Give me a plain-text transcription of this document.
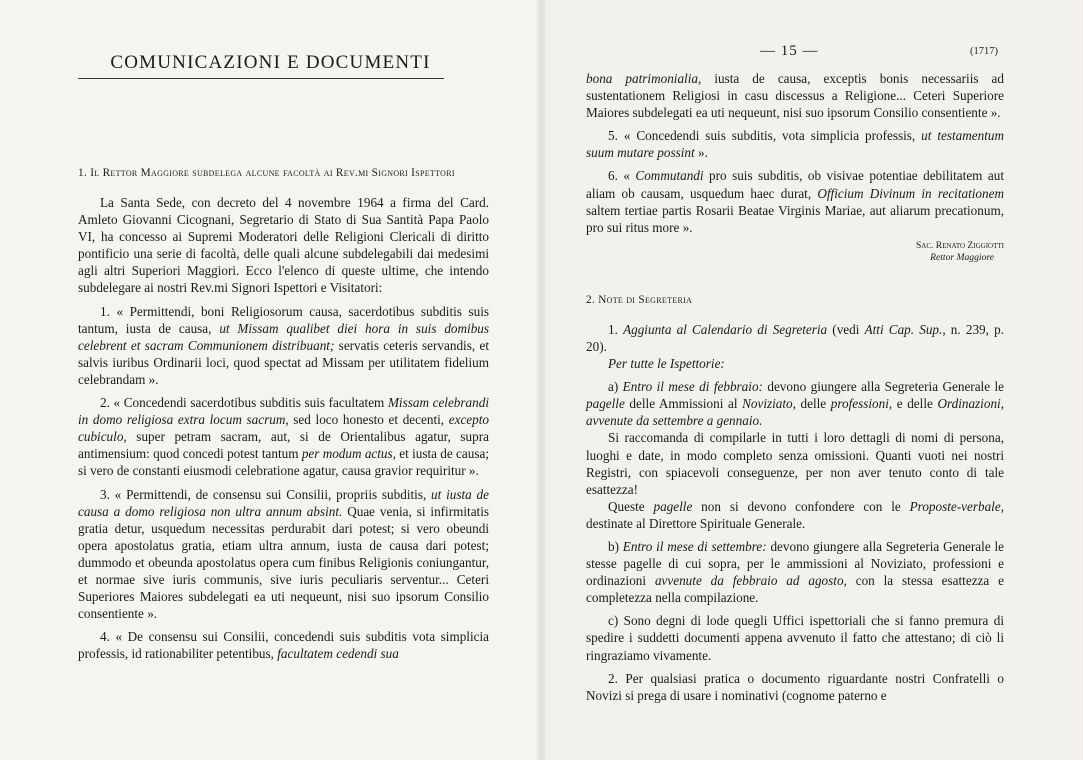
COMUNICAZIONI E DOCUMENTI
1. Il Rettor Maggiore subdelega alcune facoltà ai Rev.mi Signori Ispettori

La Santa Sede, con decreto del 4 novembre 1964 a firma del Card. Amleto Giovanni Cicognani, Segretario di Stato di Sua Santità Papa Paolo VI, ha concesso ai Supremi Moderatori delle Religioni Clericali di diritto pontificio una serie di facoltà, delle quali alcune subdelegabili dai medesimi agli altri Superiori Maggiori. Ecco l'elenco di queste ultime, che intendo subdelegare ai nostri Rev.mi Signori Ispettori e Visitatori:

1. « Permittendi, boni Religiosorum causa, sacerdotibus subditis suis tantum, iusta de causa, ut Missam qualibet diei hora in suis domibus celebrent et sacram Communionem distribuant; servatis ceteris servandis, et salvis iuribus Ordinarii loci, quod spectat ad Missam per utilitatem fidelium celebrandam ».

2. « Concedendi sacerdotibus subditis suis facultatem Missam celebrandi in domo religiosa extra locum sacrum, sed loco honesto et decenti, excepto cubiculo, super petram sacram, aut, si de Orientalibus agatur, supra antimensium: quod concedi potest tantum per modum actus, et iusta de causa; si vero de constanti eiusmodi celebratione agatur, causa gravior requiritur ».

3. « Permittendi, de consensu sui Consilii, propriis subditis, ut iusta de causa a domo religiosa non ultra annum absint. Quae venia, si infirmitatis gratia detur, usquedum necessitas perdurabit dari potest; si vero obeundi opera apostolatus gratia, etiam ultra annum, iusta de causa dari potest; dummodo et obeunda apostolatus opera cum finibus Religionis coniungantur, et normae sive iuris communis, sive iuris peculiaris serventur... Ceteri Superiores Maiores subdelegati ea uti nequeunt, nisi suo ipsorum Consilio consentiente ».

4. « De consensu sui Consilii, concedendi suis subditis vota simplicia professis, id rationabiliter petentibus, facultatem cedendi sua

— 15 —	(1717)

bona patrimonialia, iusta de causa, exceptis bonis necessariis ad sustentationem Religiosi in casu discessus a Religione... Ceteri Superiore Maiores subdelegati ea uti nequeunt, nisi suo ipsorum Consilio consentiente ».

5. « Concedendi suis subditis, vota simplicia professis, ut testamentum suum mutare possint ».

6. « Commutandi pro suis subditis, ob visivae potentiae debilitatem aut aliam ob causam, usquedum haec durat, Officium Divinum in recitationem saltem tertiae partis Rosarii Beatae Virginis Mariae, aut aliarum precationum, pro sui ritus more ».

Sac. Renato Ziggiotti
Rettor Maggiore
2. Note di Segreteria

1. Aggiunta al Calendario di Segreteria (vedi Atti Cap. Sup., n. 239, p. 20).

Per tutte le Ispettorie:

a) Entro il mese di febbraio: devono giungere alla Segreteria Generale le pagelle delle Ammissioni al Noviziato, delle professioni, e delle Ordinazioni, avvenute da settembre a gennaio.

Si raccomanda di compilarle in tutti i loro dettagli di nomi di persona, luoghi e date, in modo completo senza omissioni. Quanti vuoti nei nostri Registri, con spiacevoli conseguenze, per non aver tenuto conto di tale esattezza!

Queste pagelle non si devono confondere con le Proposte-verbale, destinate al Direttore Spirituale Generale.

b) Entro il mese di settembre: devono giungere alla Segreteria Generale le stesse pagelle di cui sopra, per le ammissioni al Noviziato, professioni e ordinazioni avvenute da febbraio ad agosto, con la stessa esattezza e completezza nella compilazione.

c) Sono degni di lode quegli Uffici ispettoriali che si fanno premura di spedire i suddetti documenti appena avvenuto il fatto che attestano; di ciò li ringraziamo vivamente.

2. Per qualsiasi pratica o documento riguardante nostri Confratelli o Novizi si prega di usare i nominativi (cognome paterno e
